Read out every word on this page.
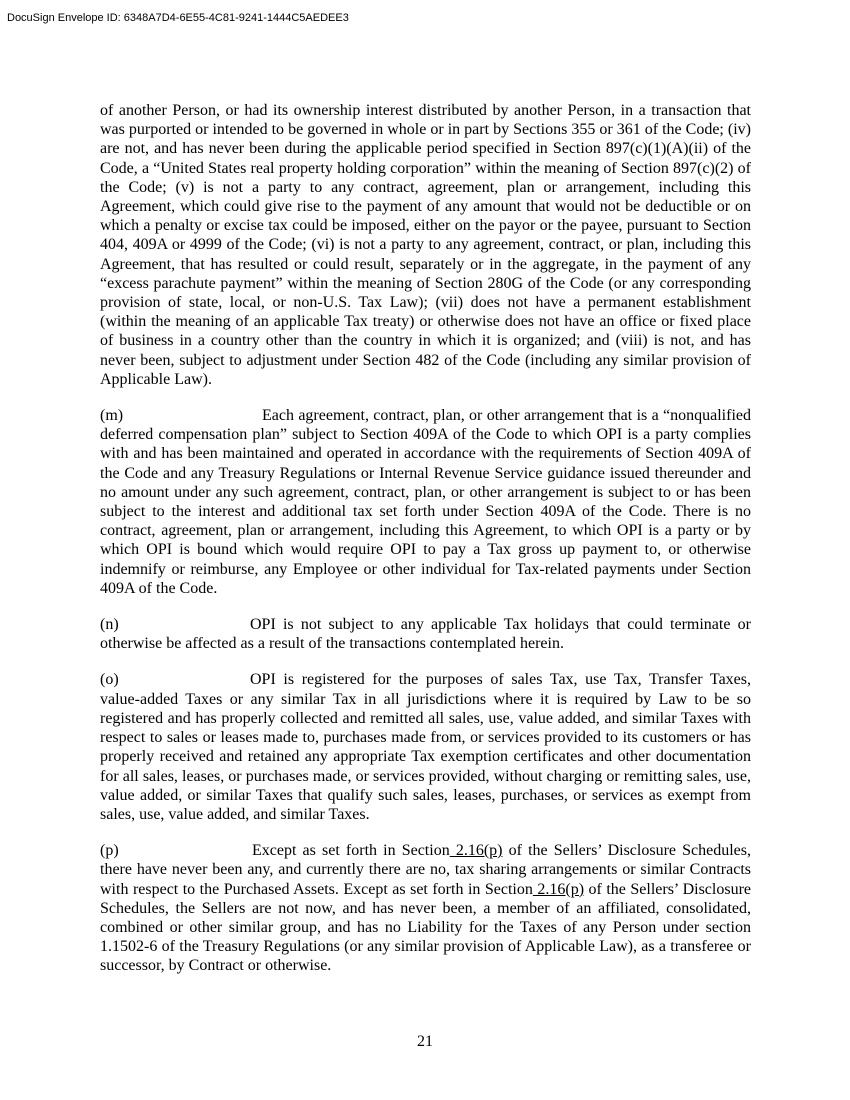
DocuSign Envelope ID: 6348A7D4-6E55-4C81-9241-1444C5AEDEE3

of another Person, or had its ownership interest distributed by another Person, in a transaction that was purported or intended to be governed in whole or in part by Sections 355 or 361 of the Code; (iv) are not, and has never been during the applicable period specified in Section 897(c)(1)(A)(ii) of the Code, a “United States real property holding corporation” within the meaning of Section 897(c)(2) of the Code; (v) is not a party to any contract, agreement, plan or arrangement, including this Agreement, which could give rise to the payment of any amount that would not be deductible or on which a penalty or excise tax could be imposed, either on the payor or the payee, pursuant to Section 404, 409A or 4999 of the Code; (vi) is not a party to any agreement, contract, or plan, including this Agreement, that has resulted or could result, separately or in the aggregate, in the payment of any “excess parachute payment” within the meaning of Section 280G of the Code (or any corresponding provision of state, local, or non-U.S. Tax Law); (vii) does not have a permanent establishment (within the meaning of an applicable Tax treaty) or otherwise does not have an office or fixed place of business in a country other than the country in which it is organized; and (viii) is not, and has never been, subject to adjustment under Section 482 of the Code (including any similar provision of Applicable Law).

(m)	Each agreement, contract, plan, or other arrangement that is a “nonqualified deferred compensation plan” subject to Section 409A of the Code to which OPI is a party complies with and has been maintained and operated in accordance with the requirements of Section 409A of the Code and any Treasury Regulations or Internal Revenue Service guidance issued thereunder and no amount under any such agreement, contract, plan, or other arrangement is subject to or has been subject to the interest and additional tax set forth under Section 409A of the Code. There is no contract, agreement, plan or arrangement, including this Agreement, to which OPI is a party or by which OPI is bound which would require OPI to pay a Tax gross up payment to, or otherwise indemnify or reimburse, any Employee or other individual for Tax-related payments under Section 409A of the Code.

(n)	OPI is not subject to any applicable Tax holidays that could terminate or otherwise be affected as a result of the transactions contemplated herein.

(o)	OPI is registered for the purposes of sales Tax, use Tax, Transfer Taxes, value-added Taxes or any similar Tax in all jurisdictions where it is required by Law to be so registered and has properly collected and remitted all sales, use, value added, and similar Taxes with respect to sales or leases made to, purchases made from, or services provided to its customers or has properly received and retained any appropriate Tax exemption certificates and other documentation for all sales, leases, or purchases made, or services provided, without charging or remitting sales, use, value added, or similar Taxes that qualify such sales, leases, purchases, or services as exempt from sales, use, value added, and similar Taxes.

(p)	Except as set forth in Section 2.16(p) of the Sellers’ Disclosure Schedules, there have never been any, and currently there are no, tax sharing arrangements or similar Contracts with respect to the Purchased Assets. Except as set forth in Section 2.16(p) of the Sellers’ Disclosure Schedules, the Sellers are not now, and has never been, a member of an affiliated, consolidated, combined or other similar group, and has no Liability for the Taxes of any Person under section 1.1502-6 of the Treasury Regulations (or any similar provision of Applicable Law), as a transferee or successor, by Contract or otherwise.

21
